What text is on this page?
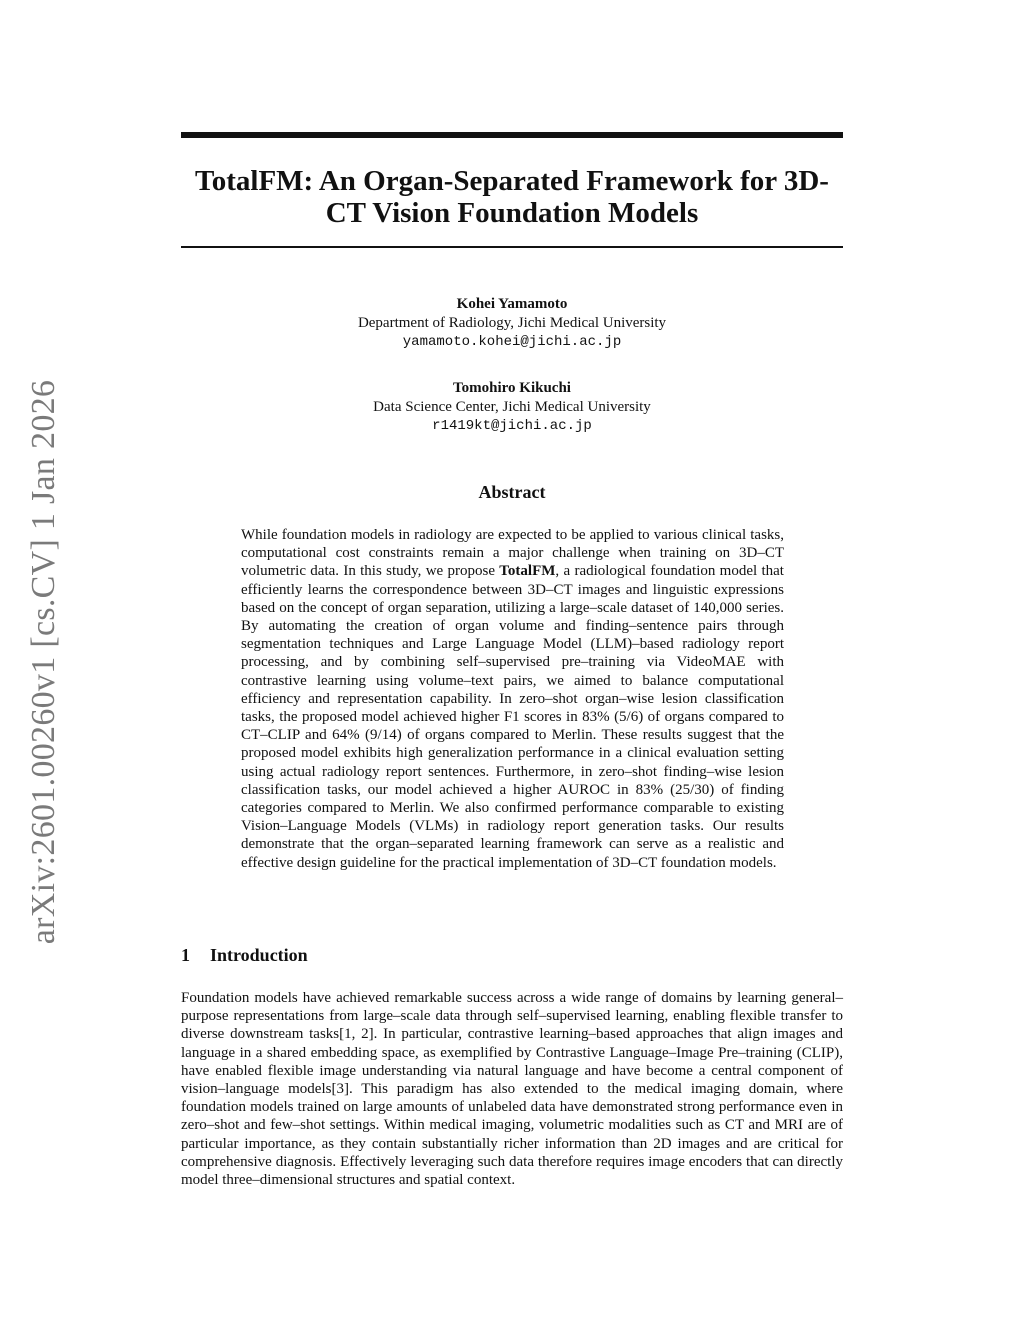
arXiv:2601.00260v1 [cs.CV] 1 Jan 2026
TotalFM: An Organ-Separated Framework for 3D-CT Vision Foundation Models
Kohei Yamamoto
Department of Radiology, Jichi Medical University
yamamoto.kohei@jichi.ac.jp
Tomohiro Kikuchi
Data Science Center, Jichi Medical University
r1419kt@jichi.ac.jp
Abstract

While foundation models in radiology are expected to be applied to various clinical tasks, computational cost constraints remain a major challenge when training on 3D–CT volumetric data. In this study, we propose TotalFM, a radiological foundation model that efficiently learns the correspondence between 3D–CT images and linguistic expressions based on the concept of organ separation, utilizing a large–scale dataset of 140,000 series. By automating the creation of organ volume and finding–sentence pairs through segmentation techniques and Large Language Model (LLM)–based radiology report processing, and by combining self–supervised pre–training via VideoMAE with contrastive learning using volume–text pairs, we aimed to balance computational efficiency and representation capability. In zero–shot organ–wise lesion classification tasks, the proposed model achieved higher F1 scores in 83% (5/6) of organs compared to CT–CLIP and 64% (9/14) of organs compared to Merlin. These results suggest that the proposed model exhibits high generalization performance in a clinical evaluation setting using actual radiology report sentences. Furthermore, in zero–shot finding–wise lesion classification tasks, our model achieved a higher AUROC in 83% (25/30) of finding categories compared to Merlin. We also confirmed performance comparable to existing Vision–Language Models (VLMs) in radiology report generation tasks. Our results demonstrate that the organ–separated learning framework can serve as a realistic and effective design guideline for the practical implementation of 3D–CT foundation models.

1 Introduction

Foundation models have achieved remarkable success across a wide range of domains by learning general–purpose representations from large–scale data through self–supervised learning, enabling flexible transfer to diverse downstream tasks[1, 2]. In particular, contrastive learning–based approaches that align images and language in a shared embedding space, as exemplified by Contrastive Language–Image Pre–training (CLIP), have enabled flexible image understanding via natural language and have become a central component of vision–language models[3]. This paradigm has also extended to the medical imaging domain, where foundation models trained on large amounts of unlabeled data have demonstrated strong performance even in zero–shot and few–shot settings. Within medical imaging, volumetric modalities such as CT and MRI are of particular importance, as they contain substantially richer information than 2D images and are critical for comprehensive diagnosis. Effectively leveraging such data therefore requires image encoders that can directly model three–dimensional structures and spatial context.
